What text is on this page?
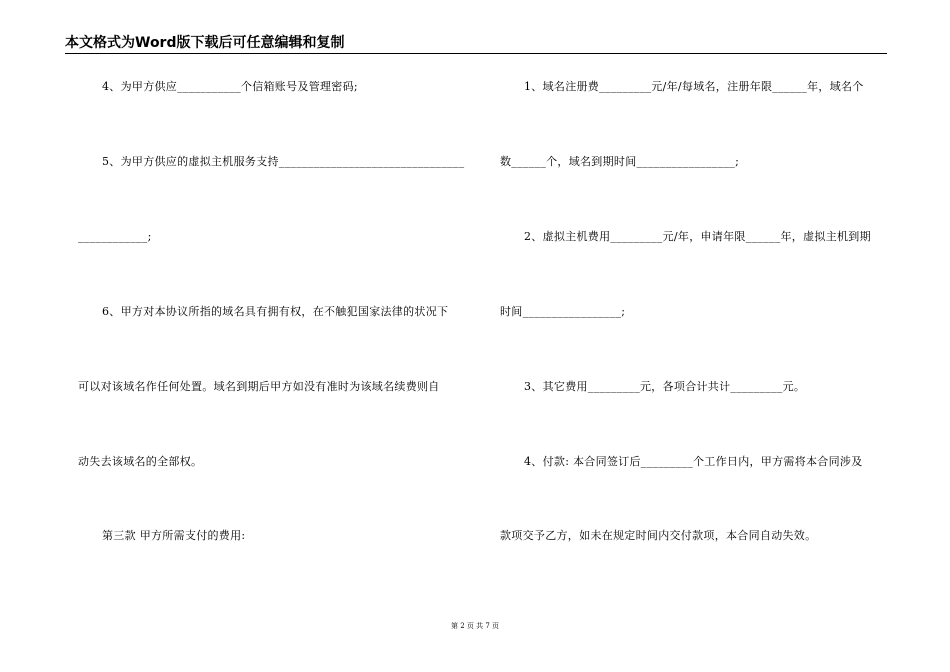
本文格式为Word版下载后可任意编辑和复制
4、为甲方供应___________个信箱账号及管理密码;
5、为甲方供应的虚拟主机服务支持________________________________
____________;
6、甲方对本协议所指的域名具有拥有权，在不触犯国家法律的状况下
可以对该域名作任何处置。域名到期后甲方如没有准时为该域名续费则自
动失去该域名的全部权。
第三款 甲方所需支付的费用:
1、域名注册费_________元/年/每域名，注册年限______年，域名个
数______个，域名到期时间_________________;
2、虚拟主机费用_________元/年，申请年限______年，虚拟主机到期
时间_________________;
3、其它费用_________元，各项合计共计_________元。
4、付款: 本合同签订后_________个工作日内，甲方需将本合同涉及
款项交予乙方，如未在规定时间内交付款项，本合同自动失效。
第 2 页 共 7 页
